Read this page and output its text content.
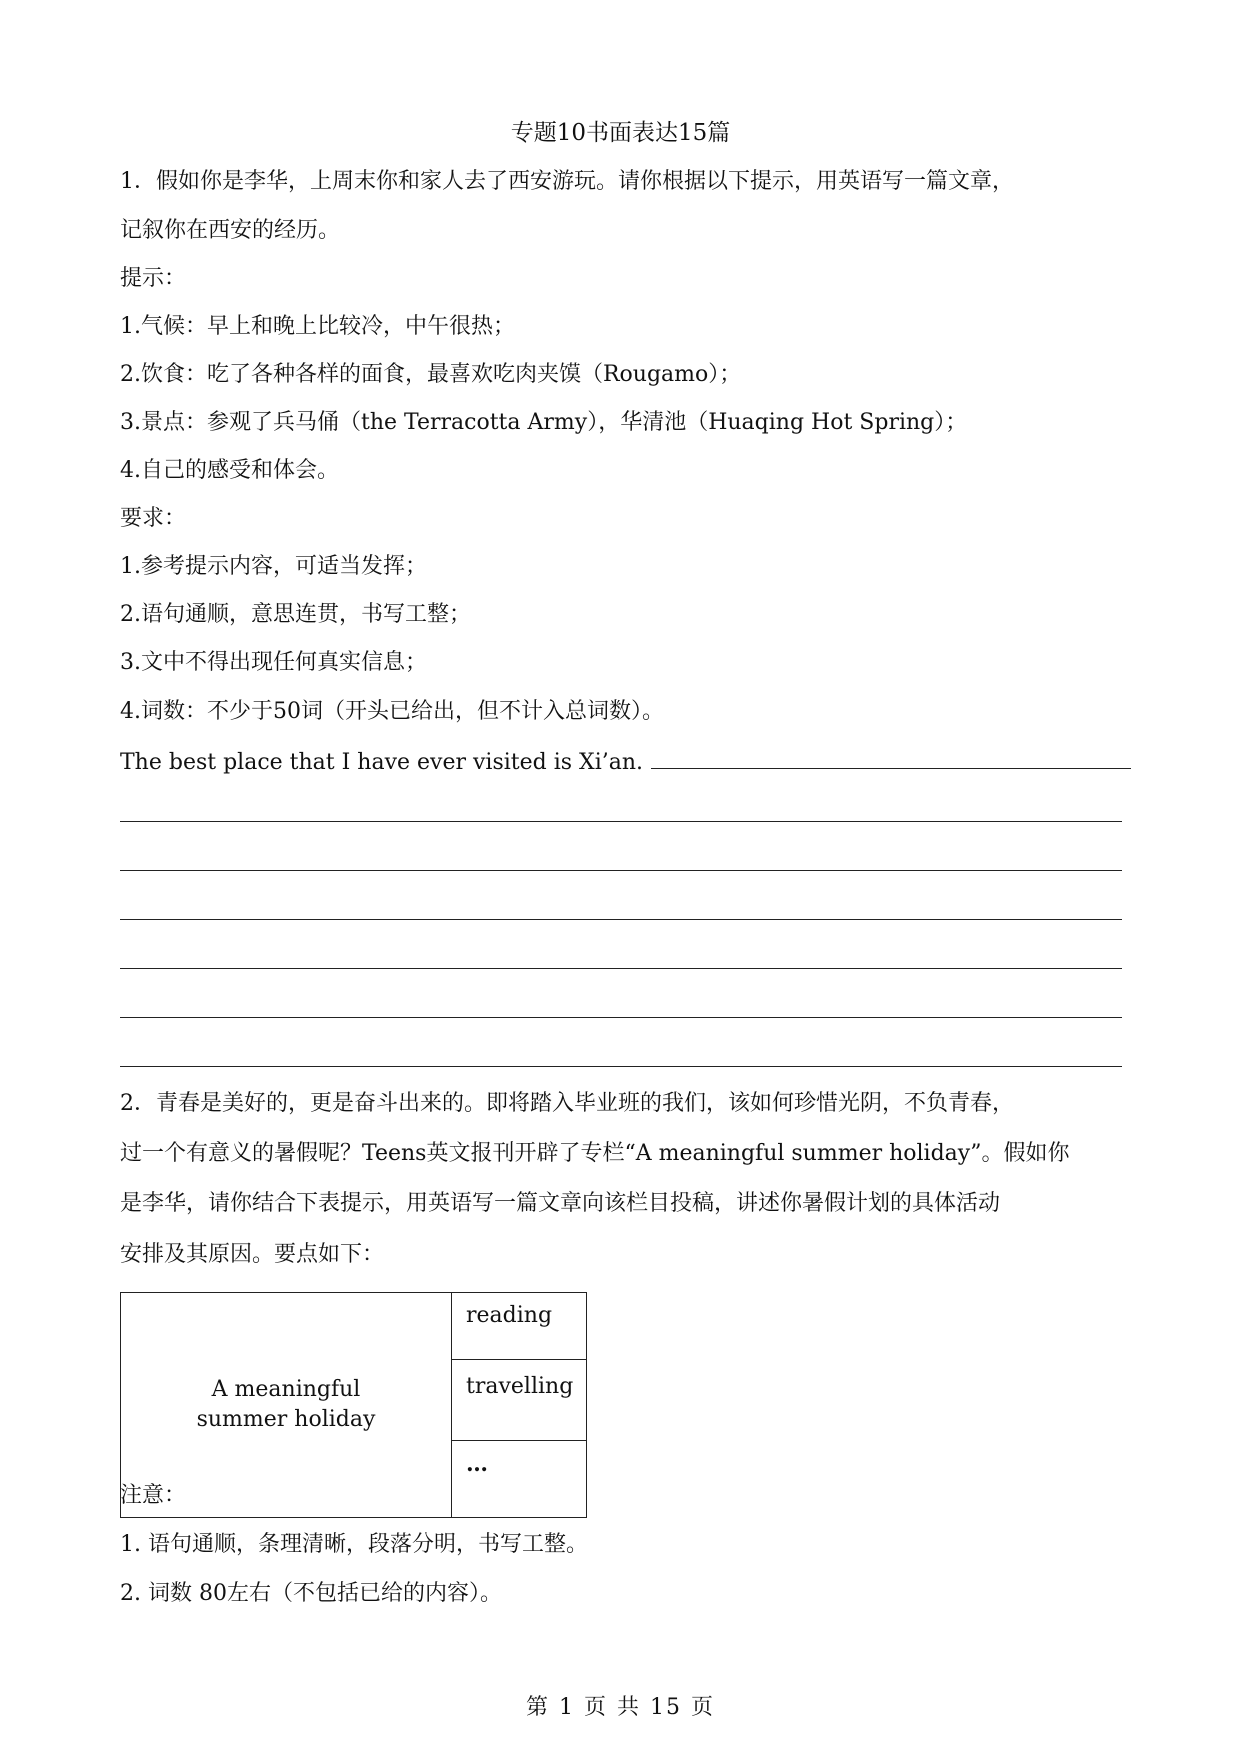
专题10书面表达15篇
1．假如你是李华，上周末你和家人去了西安游玩。请你根据以下提示，用英语写一篇文章，
记叙你在西安的经历。
提示：
1.气候：早上和晚上比较冷，中午很热；
2.饮食：吃了各种各样的面食，最喜欢吃肉夹馍（Rougamo）；
3.景点：参观了兵马俑（the Terracotta Army），华清池（Huaqing Hot Spring）；
4.自己的感受和体会。
要求：
1.参考提示内容，可适当发挥；
2.语句通顺，意思连贯，书写工整；
3.文中不得出现任何真实信息；
4.词数：不少于50词（开头已给出，但不计入总词数）。
The best place that I have ever visited is Xi’an.
2．青春是美好的，更是奋斗出来的。即将踏入毕业班的我们，该如何珍惜光阴，不负青春，
过一个有意义的暑假呢？Teens英文报刊开辟了专栏“A meaningful summer holiday”。假如你
是李华，请你结合下表提示，用英语写一篇文章向该栏目投稿，讲述你暑假计划的具体活动
安排及其原因。要点如下：
A meaningful summer holiday
	reading
travelling
…
注意：
1. 语句通顺，条理清晰，段落分明，书写工整。
2. 词数 80左右（不包括已给的内容）。
第 1 页 共 15 页
